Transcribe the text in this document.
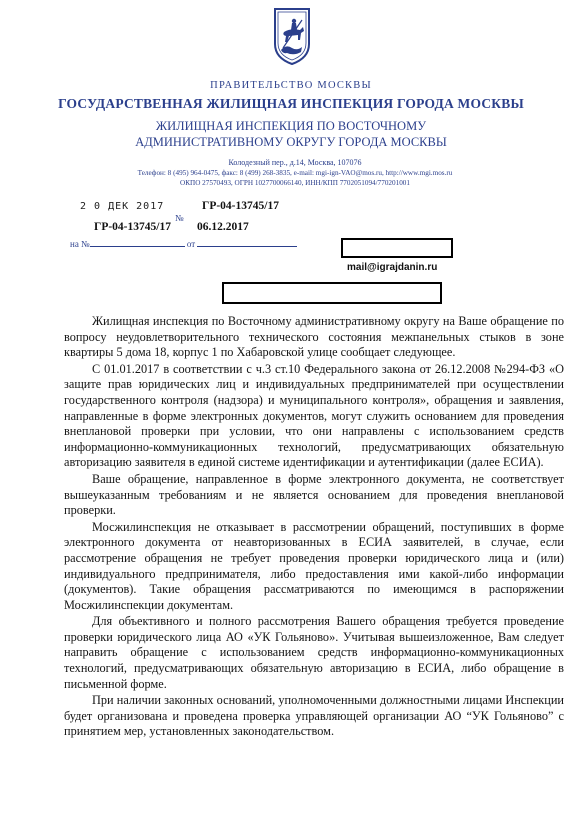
ПРАВИТЕЛЬСТВО МОСКВЫ
ГОСУДАРСТВЕННАЯ ЖИЛИЩНАЯ ИНСПЕКЦИЯ ГОРОДА МОСКВЫ
ЖИЛИЩНАЯ ИНСПЕКЦИЯ ПО ВОСТОЧНОМУ
АДМИНИСТРАТИВНОМУ ОКРУГУ ГОРОДА МОСКВЫ
Колодезный пер., д.14, Москва, 107076
Телефон: 8 (495) 964-0475, факс: 8 (499) 268-3835, e-mail: mgi-ign-VAO@mos.ru, http://www.mgi.mos.ru
ОКПО 27570493, ОГРН 1027700066140, ИНН/КПП 7702051094/770201001
2 0 ДЕК 2017	ГР-04-13745/17
№
ГР-04-13745/17 06.12.2017
на №	от
mail@igrajdanin.ru

Жилищная инспекция по Восточному административному округу на Ваше обращение по вопросу неудовлетворительного технического состояния межпанельных стыков в зоне квартиры 5 дома 18, корпус 1 по Хабаровской улице сообщает следующее.

С 01.01.2017 в соответствии с ч.3 ст.10 Федерального закона от 26.12.2008 №294-ФЗ «О защите прав юридических лиц и индивидуальных предпринимателей при осуществлении государственного контроля (надзора) и муниципального контроля», обращения и заявления, направленные в форме электронных документов, могут служить основанием для проведения внеплановой проверки при условии, что они направлены с использованием средств информационно-коммуникационных технологий, предусматривающих обязательную авторизацию заявителя в единой системе идентификации и аутентификации (далее ЕСИА).

Ваше обращение, направленное в форме электронного документа, не соответствует вышеуказанным требованиям и не является основанием для проведения внеплановой проверки.

Мосжилинспекция не отказывает в рассмотрении обращений, поступивших в форме электронного документа от неавторизованных в ЕСИА заявителей, в случае, если рассмотрение обращения не требует проведения проверки юридического лица и (или) индивидуального предпринимателя, либо предоставления ими какой-либо информации (документов). Такие обращения рассматриваются по имеющимся в распоряжении Мосжилинспекции документам.

Для объективного и полного рассмотрения Вашего обращения требуется проведение проверки юридического лица АО «УК Гольяново». Учитывая вышеизложенное, Вам следует направить обращение с использованием средств информационно-коммуникационных технологий, предусматривающих обязательную авторизацию в ЕСИА, либо обращение в письменной форме.

При наличии законных оснований, уполномоченными должностными лицами Инспекции будет организована и проведена проверка управляющей организации АО “УК Гольяново” с принятием мер, установленных законодательством.
